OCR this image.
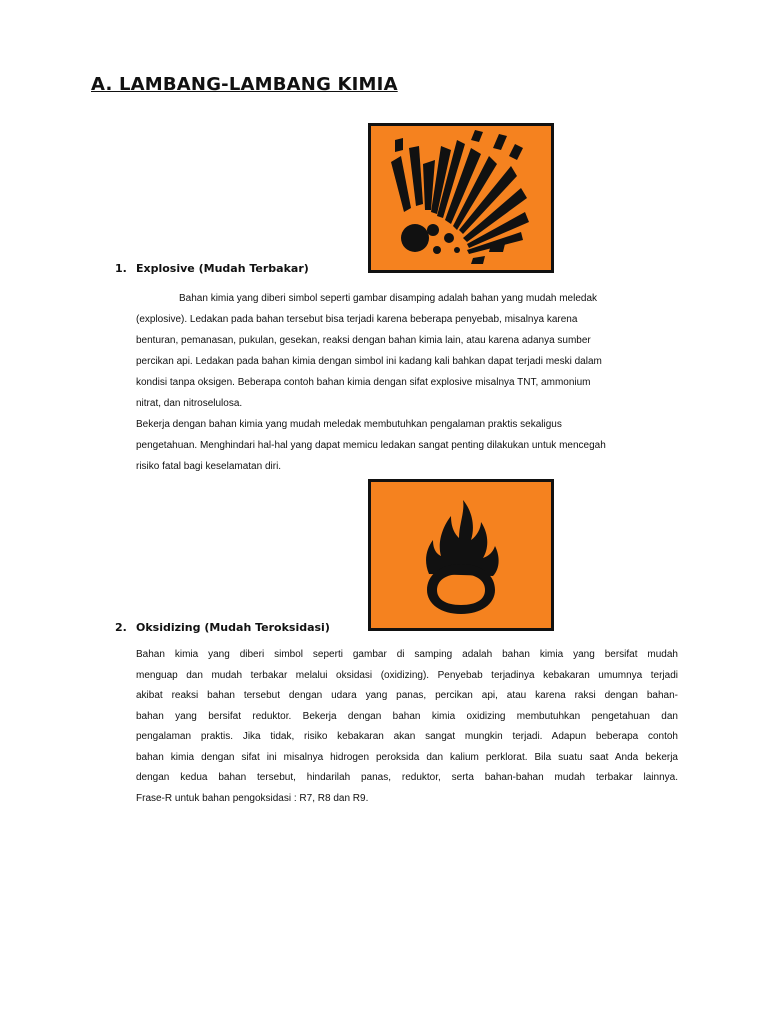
A. LAMBANG-LAMBANG KIMIA
1. Explosive (Mudah Terbakar)
Bahan kimia yang diberi simbol seperti gambar disamping adalah bahan yang mudah meledak
(explosive). Ledakan pada bahan tersebut bisa terjadi karena beberapa penyebab, misalnya karena
benturan, pemanasan, pukulan, gesekan, reaksi dengan bahan kimia lain, atau karena adanya sumber
percikan api. Ledakan pada bahan kimia dengan simbol ini kadang kali bahkan dapat terjadi meski dalam
kondisi tanpa oksigen. Beberapa contoh bahan kimia dengan sifat explosive misalnya TNT, ammonium
nitrat, dan nitroselulosa.
Bekerja dengan bahan kimia yang mudah meledak membutuhkan pengalaman praktis sekaligus
pengetahuan. Menghindari hal-hal yang dapat memicu ledakan sangat penting dilakukan untuk mencegah
risiko fatal bagi keselamatan diri.
2. Oksidizing (Mudah Teroksidasi)
Bahan kimia yang diberi simbol seperti gambar di samping adalah bahan kimia yang bersifat mudah
menguap dan mudah terbakar melalui oksidasi (oxidizing). Penyebab terjadinya kebakaran umumnya terjadi
akibat reaksi bahan tersebut dengan udara yang panas, percikan api, atau karena raksi dengan bahan-
bahan yang bersifat reduktor. Bekerja dengan bahan kimia oxidizing membutuhkan pengetahuan dan
pengalaman praktis. Jika tidak, risiko kebakaran akan sangat mungkin terjadi. Adapun beberapa contoh
bahan kimia dengan sifat ini misalnya hidrogen peroksida dan kalium perklorat. Bila suatu saat Anda bekerja
dengan kedua bahan tersebut, hindarilah panas, reduktor, serta bahan-bahan mudah terbakar lainnya.
Frase-R untuk bahan pengoksidasi : R7, R8 dan R9.
